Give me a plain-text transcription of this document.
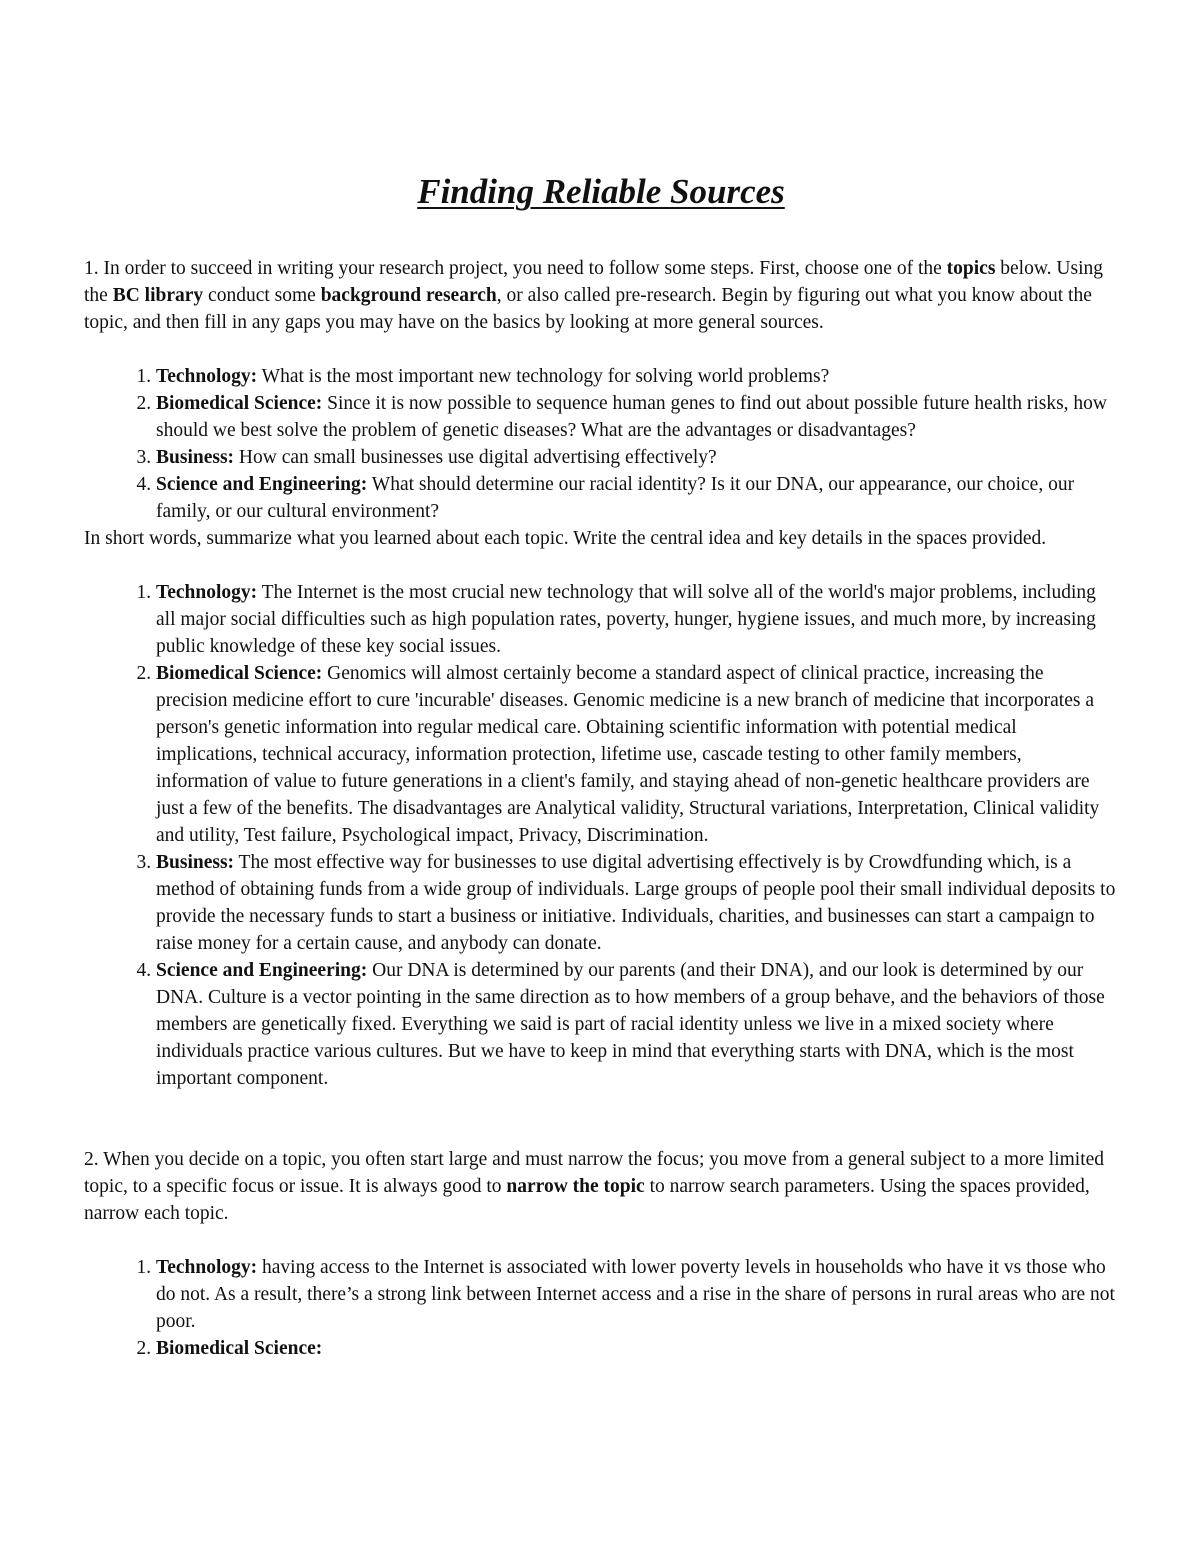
Finding Reliable Sources

1. In order to succeed in writing your research project, you need to follow some steps. First, choose one of the topics below. Using the BC library conduct some background research, or also called pre-research. Begin by figuring out what you know about the topic, and then fill in any gaps you may have on the basics by looking at more general sources.

1. Technology: What is the most important new technology for solving world problems?
2. Biomedical Science: Since it is now possible to sequence human genes to find out about possible future health risks, how should we best solve the problem of genetic diseases? What are the advantages or disadvantages?
3. Business: How can small businesses use digital advertising effectively?
4. Science and Engineering: What should determine our racial identity? Is it our DNA, our appearance, our choice, our family, or our cultural environment?

In short words, summarize what you learned about each topic. Write the central idea and key details in the spaces provided.

1. Technology: The Internet is the most crucial new technology that will solve all of the world's major problems, including all major social difficulties such as high population rates, poverty, hunger, hygiene issues, and much more, by increasing public knowledge of these key social issues.
2. Biomedical Science: Genomics will almost certainly become a standard aspect of clinical practice, increasing the precision medicine effort to cure 'incurable' diseases. Genomic medicine is a new branch of medicine that incorporates a person's genetic information into regular medical care. Obtaining scientific information with potential medical implications, technical accuracy, information protection, lifetime use, cascade testing to other family members, information of value to future generations in a client's family, and staying ahead of non-genetic healthcare providers are just a few of the benefits. The disadvantages are Analytical validity, Structural variations, Interpretation, Clinical validity and utility, Test failure, Psychological impact, Privacy, Discrimination.
3. Business: The most effective way for businesses to use digital advertising effectively is by Crowdfunding which, is a method of obtaining funds from a wide group of individuals. Large groups of people pool their small individual deposits to provide the necessary funds to start a business or initiative. Individuals, charities, and businesses can start a campaign to raise money for a certain cause, and anybody can donate.
4. Science and Engineering: Our DNA is determined by our parents (and their DNA), and our look is determined by our DNA. Culture is a vector pointing in the same direction as to how members of a group behave, and the behaviors of those members are genetically fixed. Everything we said is part of racial identity unless we live in a mixed society where individuals practice various cultures. But we have to keep in mind that everything starts with DNA, which is the most important component.

2. When you decide on a topic, you often start large and must narrow the focus; you move from a general subject to a more limited topic, to a specific focus or issue. It is always good to narrow the topic to narrow search parameters. Using the spaces provided, narrow each topic.

1. Technology: having access to the Internet is associated with lower poverty levels in households who have it vs those who do not. As a result, there’s a strong link between Internet access and a rise in the share of persons in rural areas who are not poor.
2. Biomedical Science:
